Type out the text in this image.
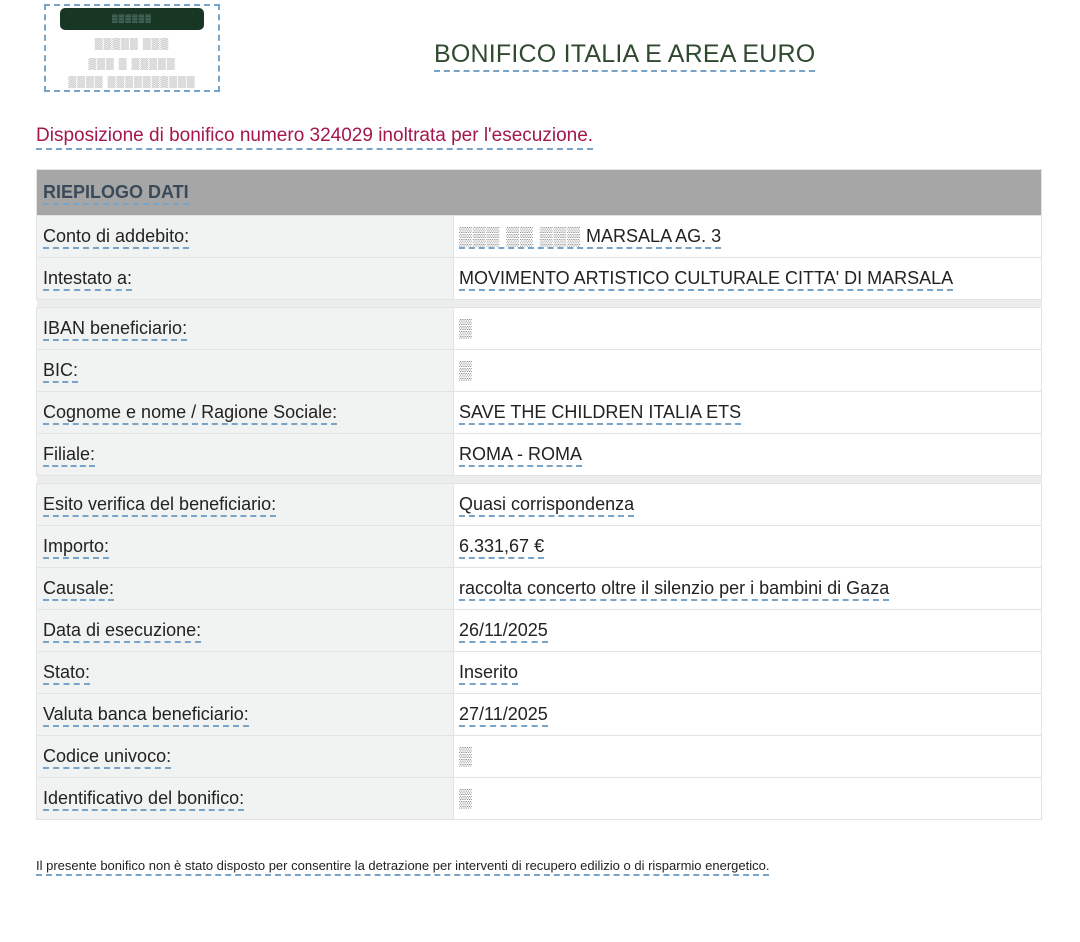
▒▒▒▒▒▒
▒▒▒▒▒ ▒▒▒
▒▒▒ ▒ ▒▒▒▒▒
▒▒▒▒ ▒▒▒▒▒▒▒▒▒▒
BONIFICO ITALIA E AREA EURO
Disposizione di bonifico numero 324029 inoltrata per l'esecuzione.
RIEPILOGO DATI	
Conto di addebito:	▒▒▒ ▒▒ ▒▒▒ MARSALA AG. 3
Intestato a:	MOVIMENTO ARTISTICO CULTURALE CITTA' DI MARSALA

IBAN beneficiario:	▒
BIC:	▒
Cognome e nome / Ragione Sociale:	SAVE THE CHILDREN ITALIA ETS
Filiale:	ROMA - ROMA

Esito verifica del beneficiario:	Quasi corrispondenza
Importo:	6.331,67 €
Causale:	raccolta concerto oltre il silenzio per i bambini di Gaza
Data di esecuzione:	26/11/2025
Stato:	Inserito
Valuta banca beneficiario:	27/11/2025
Codice univoco:	▒
Identificativo del bonifico:	▒
Il presente bonifico non è stato disposto per consentire la detrazione per interventi di recupero edilizio o di risparmio energetico.
